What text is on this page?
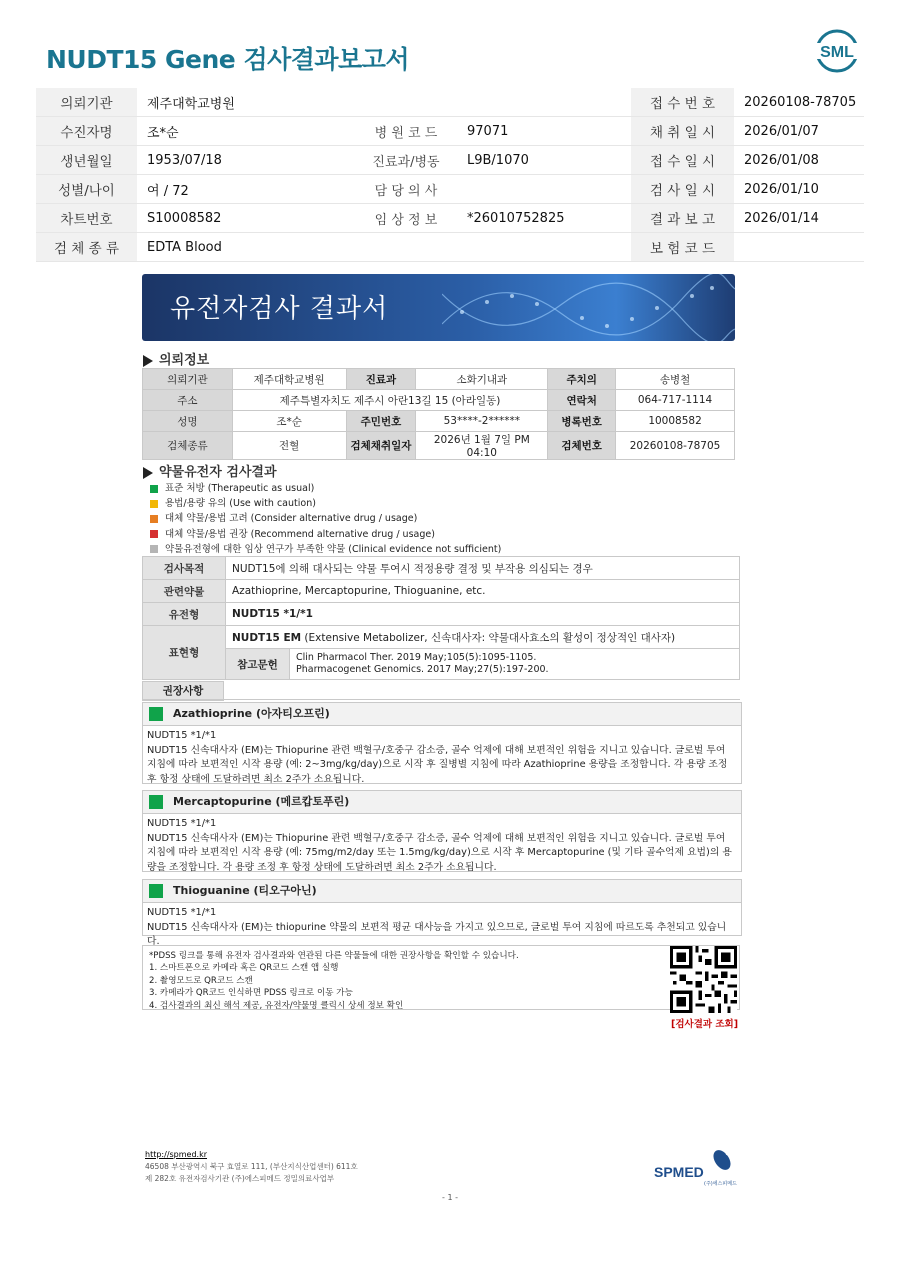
NUDT15 Gene 검사결과보고서	SML
의뢰기관	제주대학교병원			접 수 번 호	20260108-78705
수진자명	조*순	병 원 코 드	97071	채 취 일 시	2026/01/07
생년월일	1953/07/18	진료과/병동	L9B/1070	접 수 일 시	2026/01/08
성별/나이	여 / 72	담 당 의 사		검 사 일 시	2026/01/10
차트번호	S10008582	임 상 정 보	*26010752825	결 과 보 고	2026/01/14
검 체 종 류	EDTA Blood			보 험 코 드	
유전자검사 결과서
의뢰정보
의뢰기관	제주대학교병원	진료과	소화기내과	주치의	송병철
주소	제주특별자치도 제주시 아란13길 15 (아라일동)			연락처	064-717-1114
성명	조*순	주민번호	53****-2******	병록번호	10008582
검체종류	전혈	검체채취일자	2026년 1월 7일 PM 04:10	검체번호	20260108-78705
약물유전자 검사결과
표준 처방 (Therapeutic as usual)
용법/용량 유의 (Use with caution)
대체 약물/용법 고려 (Consider alternative drug / usage)
대체 약물/용법 권장 (Recommend alternative drug / usage)
약물유전형에 대한 임상 연구가 부족한 약물 (Clinical evidence not sufficient)
검사목적	NUDT15에 의해 대사되는 약물 투여시 적정용량 결정 및 부작용 의심되는 경우	
관련약물	Azathioprine, Mercaptopurine, Thioguanine, etc.	
유전형	NUDT15 *1/*1	
표현형	NUDT15 EM (Extensive Metabolizer, 신속대사자: 약물대사효소의 활성이 정상적인 대사자)	
	참고문헌	Clin Pharmacol Ther. 2019 May;105(5):1095-1105.
Pharmacogenet Genomics. 2017 May;27(5):197-200.
권장사항
Azathioprine (아자티오프린)
NUDT15 *1/*1
NUDT15 신속대사자 (EM)는 Thiopurine 관련 백혈구/호중구 감소증, 골수 억제에 대해 보편적인 위험을 지니고 있습니다. 글로벌 투여 지침에 따라 보편적인 시작 용량 (예: 2~3mg/kg/day)으로 시작 후 질병별 지침에 따라 Azathioprine 용량을 조정합니다. 각 용량 조정 후 항정 상태에 도달하려면 최소 2주가 소요됩니다.
Mercaptopurine (메르캅토푸린)
NUDT15 *1/*1
NUDT15 신속대사자 (EM)는 Thiopurine 관련 백혈구/호중구 감소증, 골수 억제에 대해 보편적인 위험을 지니고 있습니다. 글로벌 투여 지침에 따라 보편적인 시작 용량 (예: 75mg/m2/day 또는 1.5mg/kg/day)으로 시작 후 Mercaptopurine (및 기타 골수억제 요법)의 용량을 조정합니다. 각 용량 조정 후 항정 상태에 도달하려면 최소 2주가 소요됩니다.
Thioguanine (티오구아닌)
NUDT15 *1/*1
NUDT15 신속대사자 (EM)는 thiopurine 약물의 보편적 평균 대사능을 가지고 있으므로, 글로벌 투여 지침에 따르도록 추천되고 있습니다.
*PDSS 링크를 통해 유전자 검사결과와 연관된 다른 약물들에 대한 권장사항을 확인할 수 있습니다.
1. 스마트폰으로 카메라 혹은 QR코드 스캔 앱 실행
2. 촬영모드로 QR코드 스캔
3. 카메라가 QR코드 인식하면 PDSS 링크로 이동 가능
4. 검사결과의 최신 해석 제공, 유전자/약물명 클릭시 상세 정보 확인
[검사결과 조회]
http://spmed.kr
46508 부산광역시 북구 효열로 111, (부산지식산업센터) 611호
제 282호 유전자검사기관 (주)에스피메드 정밀의료사업부	SPMED
(주)에스피메드
- 1 -
